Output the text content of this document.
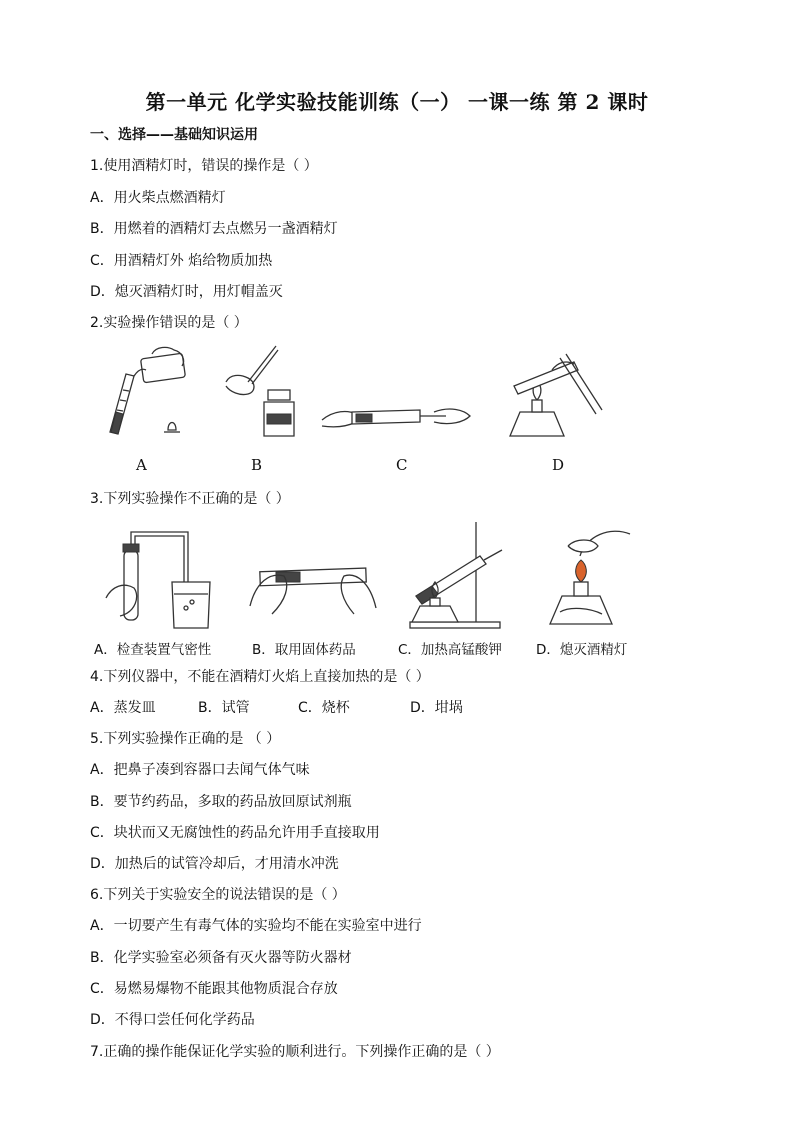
第一单元 化学实验技能训练（一） 一课一练 第 2 课时
一、选择——基础知识运用
1.使用酒精灯时，错误的操作是（ ）
A．用火柴点燃酒精灯
B．用燃着的酒精灯去点燃另一盏酒精灯
C．用酒精灯外 焰给物质加热
D．熄灭酒精灯时，用灯帽盖灭
2.实验操作错误的是（ ）
A	B	C	D
3.下列实验操作不正确的是（ ）
A．检查装置气密性	B．取用固体药品	C．加热高锰酸钾	D．熄灭酒精灯
4.下列仪器中，不能在酒精灯火焰上直接加热的是（ ）
A．蒸发皿	B．试管	C．烧杯	D．坩埚
5.下列实验操作正确的是 （ ）
A．把鼻子凑到容器口去闻气体气味
B．要节约药品，多取的药品放回原试剂瓶
C．块状而又无腐蚀性的药品允许用手直接取用
D．加热后的试管冷却后，才用清水冲洗
6.下列关于实验安全的说法错误的是（ ）
A．一切要产生有毒气体的实验均不能在实验室中进行
B．化学实验室必须备有灭火器等防火器材
C．易燃易爆物不能跟其他物质混合存放
D．不得口尝任何化学药品
7.正确的操作能保证化学实验的顺利进行。下列操作正确的是（ ）
